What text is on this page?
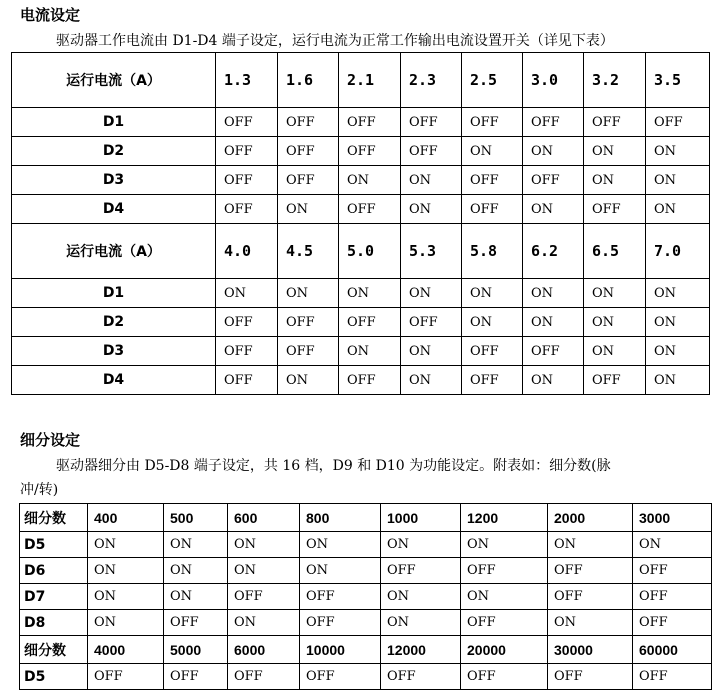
电流设定

驱动器工作电流由 D1-D4 端子设定，运行电流为正常工作输出电流设置开关（详见下表）

运行电流（A）	1.3	1.6	2.1	2.3	2.5	3.0	3.2	3.5
D1	OFF	OFF	OFF	OFF	OFF	OFF	OFF	OFF
D2	OFF	OFF	OFF	OFF	ON	ON	ON	ON
D3	OFF	OFF	ON	ON	OFF	OFF	ON	ON
D4	OFF	ON	OFF	ON	OFF	ON	OFF	ON
运行电流（A）	4.0	4.5	5.0	5.3	5.8	6.2	6.5	7.0
D1	ON	ON	ON	ON	ON	ON	ON	ON
D2	OFF	OFF	OFF	OFF	ON	ON	ON	ON
D3	OFF	OFF	ON	ON	OFF	OFF	ON	ON
D4	OFF	ON	OFF	ON	OFF	ON	OFF	ON
细分设定

驱动器细分由 D5-D8 端子设定，共 16 档，D9 和 D10 为功能设定。附表如：细分数(脉

冲/转)

细分数	400	500	600	800	1000	1200	2000	3000
D5	ON	ON	ON	ON	ON	ON	ON	ON
D6	ON	ON	ON	ON	OFF	OFF	OFF	OFF
D7	ON	ON	OFF	OFF	ON	ON	OFF	OFF
D8	ON	OFF	ON	OFF	ON	OFF	ON	OFF
细分数	4000	5000	6000	10000	12000	20000	30000	60000
D5	OFF	OFF	OFF	OFF	OFF	OFF	OFF	OFF
